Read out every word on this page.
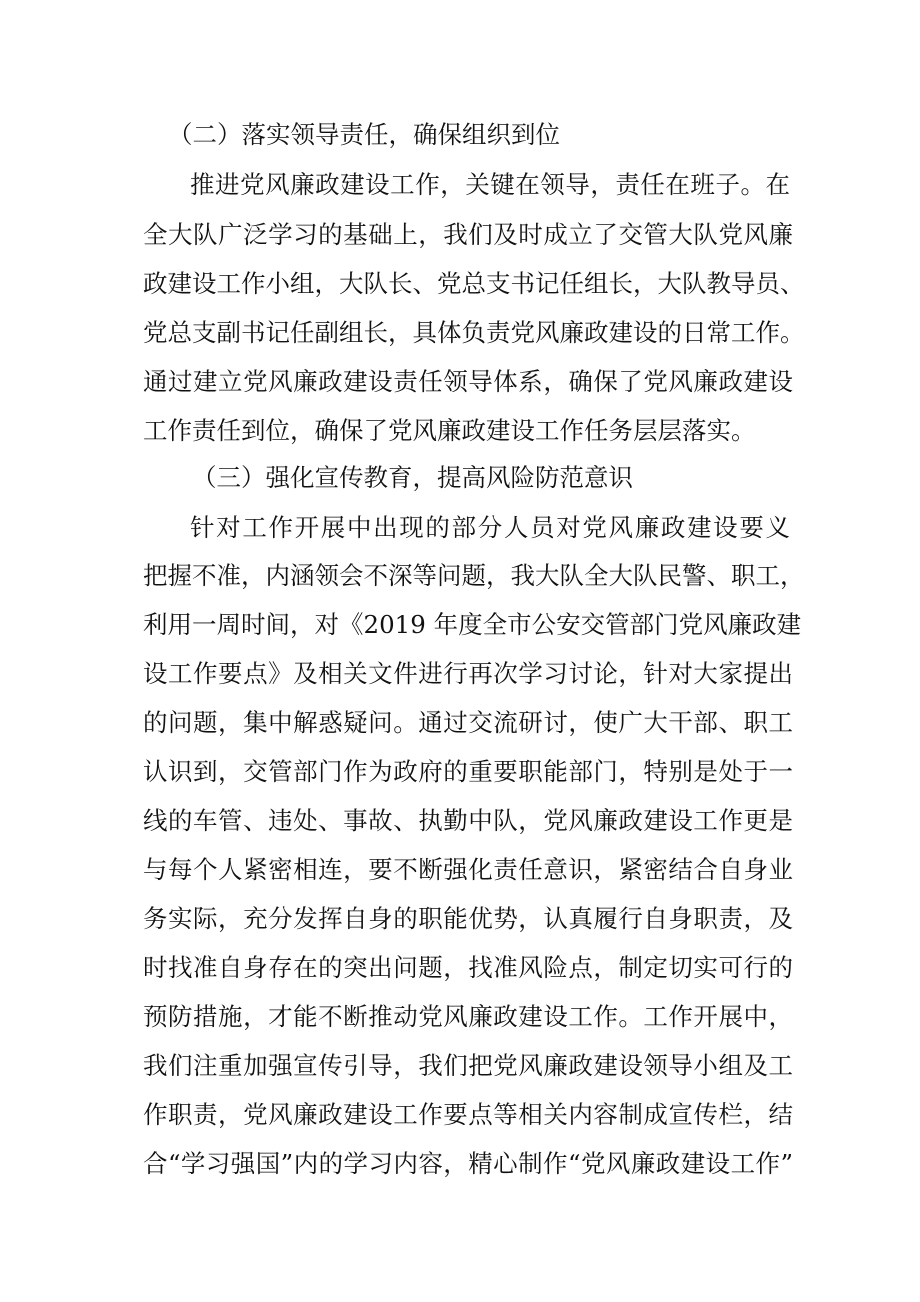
（二）落实领导责任，确保组织到位
推进党风廉政建设工作，关键在领导，责任在班子。在
全大队广泛学习的基础上，我们及时成立了交管大队党风廉
政建设工作小组，大队长、党总支书记任组长，大队教导员、
党总支副书记任副组长，具体负责党风廉政建设的日常工作。
通过建立党风廉政建设责任领导体系，确保了党风廉政建设
工作责任到位，确保了党风廉政建设工作任务层层落实。
（三）强化宣传教育，提高风险防范意识
针对工作开展中出现的部分人员对党风廉政建设要义
把握不准，内涵领会不深等问题，我大队全大队民警、职工，
利用一周时间，对《2019 年度全市公安交管部门党风廉政建
设工作要点》及相关文件进行再次学习讨论，针对大家提出
的问题，集中解惑疑问。通过交流研讨，使广大干部、职工
认识到，交管部门作为政府的重要职能部门，特别是处于一
线的车管、违处、事故、执勤中队，党风廉政建设工作更是
与每个人紧密相连，要不断强化责任意识，紧密结合自身业
务实际，充分发挥自身的职能优势，认真履行自身职责，及
时找准自身存在的突出问题，找准风险点，制定切实可行的
预防措施，才能不断推动党风廉政建设工作。工作开展中，
我们注重加强宣传引导，我们把党风廉政建设领导小组及工
作职责，党风廉政建设工作要点等相关内容制成宣传栏，结
合“学习强国”内的学习内容，精心制作“党风廉政建设工作”
